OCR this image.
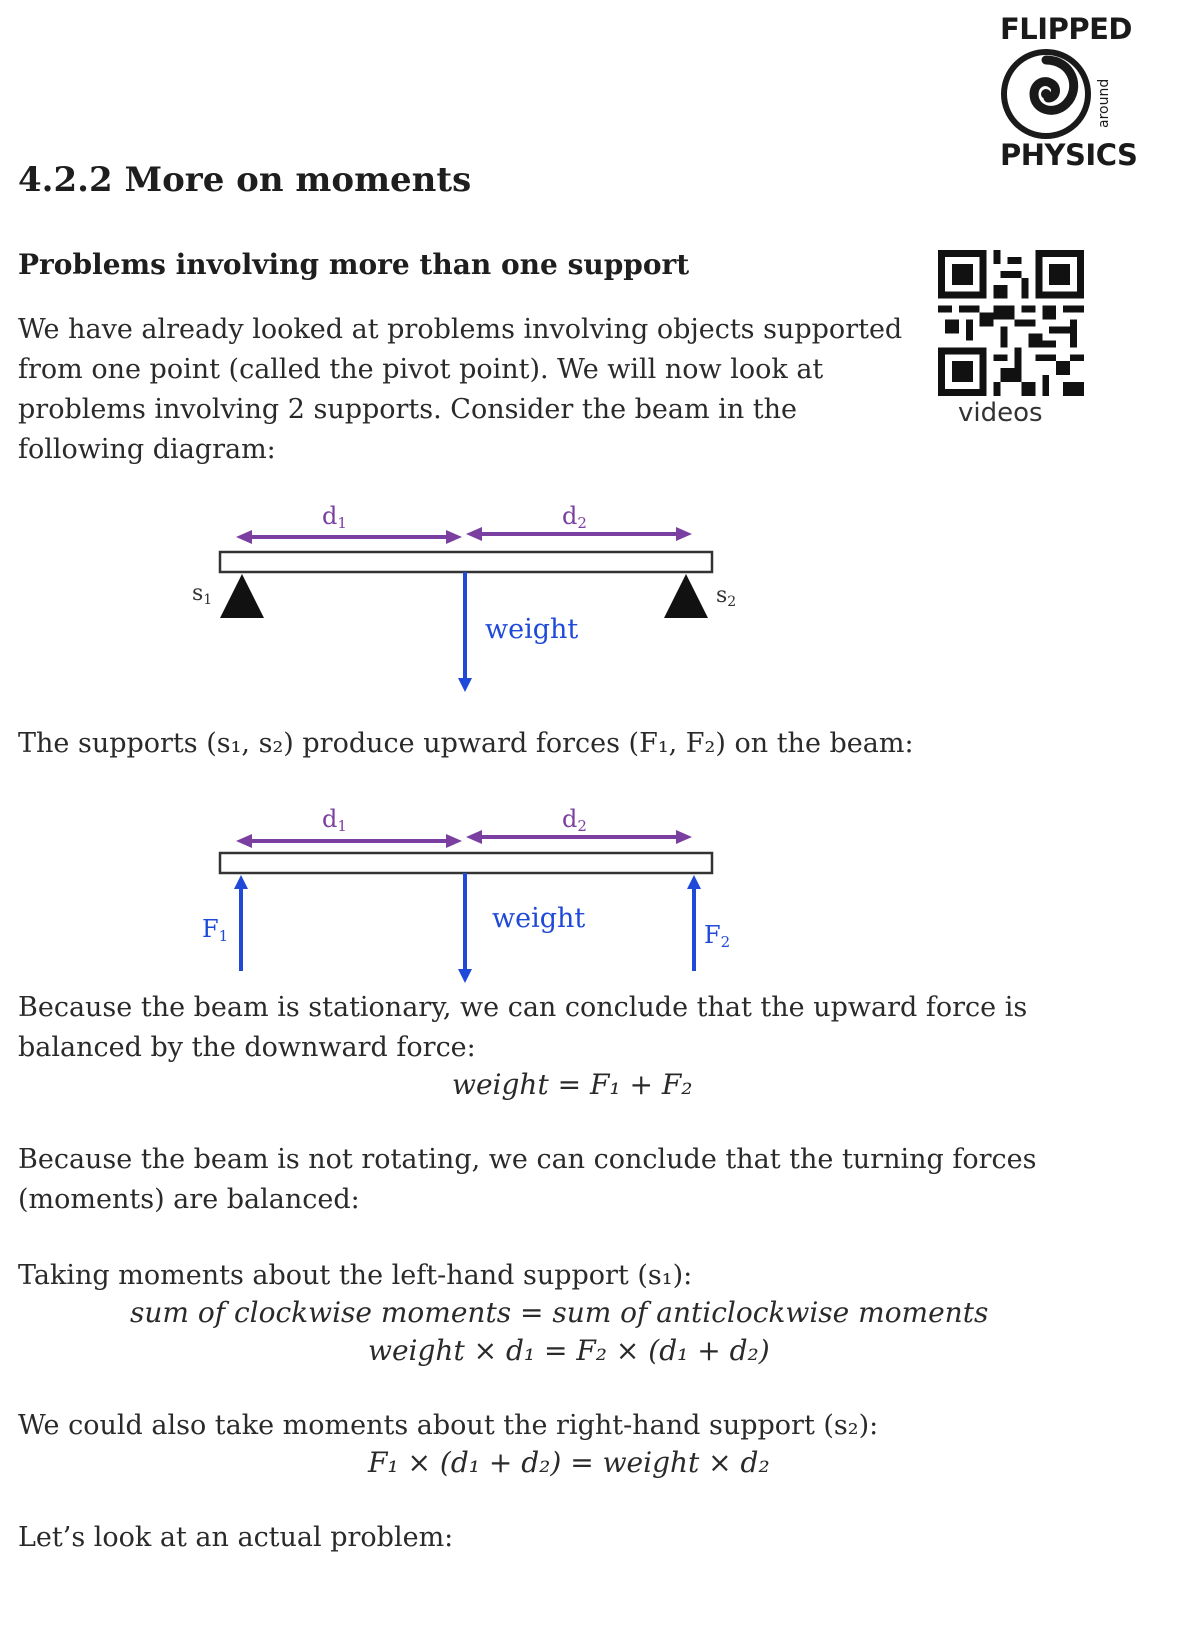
FLIPPED
around
PHYSICS
videos
4.2.2 More on moments
Problems involving more than one support
We have already looked at problems involving objects supported
from one point (called the pivot point). We will now look at
problems involving 2 supports. Consider the beam in the
following diagram:
d1	d2
s1	s2
weight
The supports (s₁, s₂) produce upward forces (F₁, F₂) on the beam:
d1	d2
F1	F2
weight
Because the beam is stationary, we can conclude that the upward force is
balanced by the downward force:
weight = F₁ + F₂
Because the beam is not rotating, we can conclude that the turning forces
(moments) are balanced:
Taking moments about the left-hand support (s₁):
sum of clockwise moments = sum of anticlockwise moments
weight × d₁ = F₂ × (d₁ + d₂)
We could also take moments about the right-hand support (s₂):
F₁ × (d₁ + d₂) = weight × d₂
Let’s look at an actual problem:
